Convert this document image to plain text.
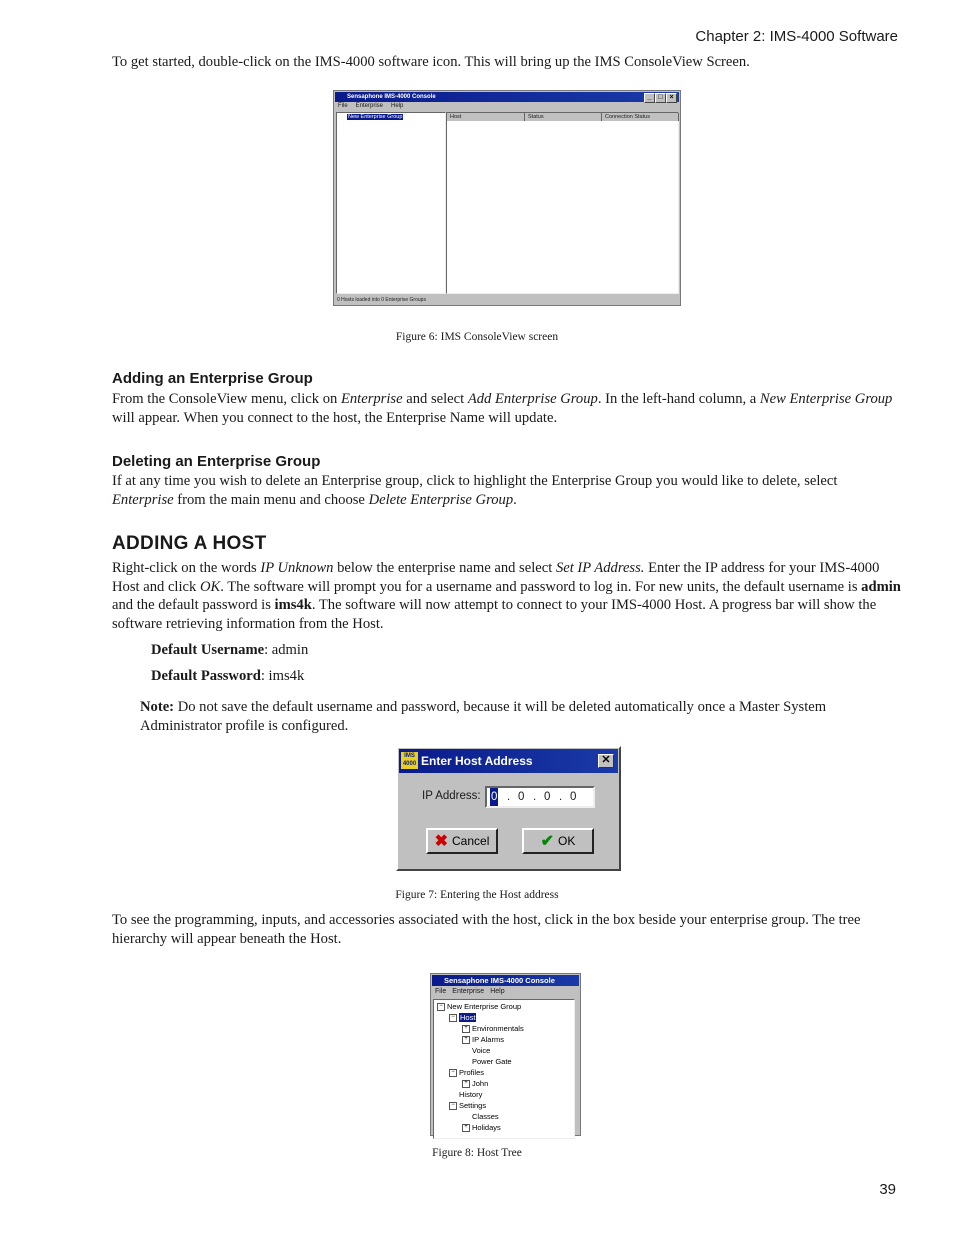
Chapter 2: IMS-4000 Software

To get started, double-click on the IMS-4000 software icon. This will bring up the IMS ConsoleView Screen.

Sensaphone IMS-4000 Console	_ □ ×
File Enterprise Help
New Enterprise Group	Host	Status	Connection Status
0 Hosts loaded into 0 Enterprise Groups
Figure 6: IMS ConsoleView screen
Adding an Enterprise Group

From the ConsoleView menu, click on Enterprise and select Add Enterprise Group. In the left-hand column, a New Enterprise Group will appear. When you connect to the host, the Enterprise Name will update.

Deleting an Enterprise Group

If at any time you wish to delete an Enterprise group, click to highlight the Enterprise Group you would like to delete, select Enterprise from the main menu and choose Delete Enterprise Group.

ADDING A HOST

Right-click on the words IP Unknown below the enterprise name and select Set IP Address. Enter the IP address for your IMS-4000 Host and click OK. The software will prompt you for a username and password to log in. For new units, the default username is admin and the default password is ims4k. The software will now attempt to connect to your IMS-4000 Host. A progress bar will show the software retrieving information from the Host.

Default Username: admin
Default Password: ims4k

Note: Do not save the default username and password, because it will be deleted automatically once a Master System Administrator profile is configured.

IMS 4000 Enter Host Address	✕
IP Address: 0 . 0 . 0 . 0
✖ Cancel	✔ OK
Figure 7: Entering the Host address

To see the programming, inputs, and accessories associated with the host, click in the box beside your enterprise group. The tree hierarchy will appear beneath the Host.

Sensaphone IMS-4000 Console
File Enterprise Help
− New Enterprise Group
− Host
+ Environmentals
+ IP Alarms
Voice
Power Gate
− Profiles
+ John
History
− Settings
Classes
+ Holidays
Figure 8: Host Tree
39
